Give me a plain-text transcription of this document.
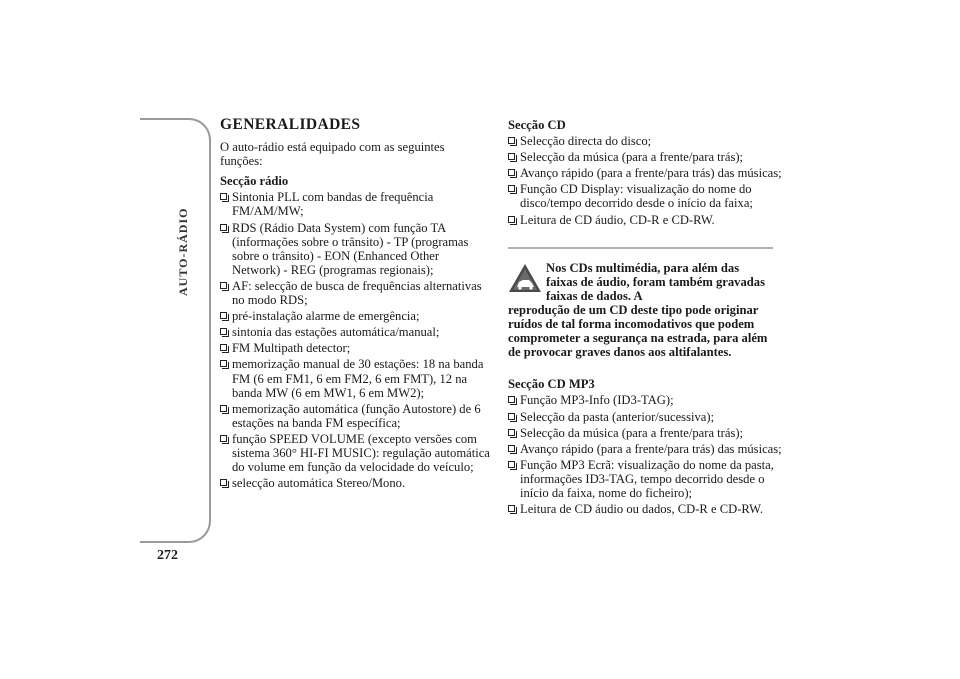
AUTO-RÁDIO
272
GENERALIDADES
O auto-rádio está equipado com as seguintes funções:
Secção rádio
Sintonia PLL com bandas de frequência FM/AM/MW;
RDS (Rádio Data System) com função TA (informações sobre o trânsito) - TP (programas sobre o trânsito) - EON (Enhanced Other Network) - REG (programas regionais);
AF: selecção de busca de frequências alternativas no modo RDS;
pré-instalação alarme de emergência;
sintonia das estações automática/manual;
FM Multipath detector;
memorização manual de 30 estações: 18 na banda FM (6 em FM1, 6 em FM2, 6 em FMT), 12 na banda MW (6 em MW1, 6 em MW2);
memorização automática (função Autostore) de 6 estações na banda FM específica;
função SPEED VOLUME (excepto versões com sistema 360° HI-FI MUSIC): regulação automática do volume em função da velocidade do veículo;
selecção automática Stereo/Mono.
Secção CD
Selecção directa do disco;
Selecção da música (para a frente/para trás);
Avanço rápido (para a frente/para trás) das músicas;
Função CD Display: visualização do nome do disco/tempo decorrido desde o início da faixa;
Leitura de CD áudio, CD-R e CD-RW.
Nos CDs multimédia, para além das faixas de áudio, foram também gravadas faixas de dados. A
reprodução de um CD deste tipo pode originar ruídos de tal forma incomodativos que podem comprometer a segurança na estrada, para além de provocar graves danos aos altifalantes.
Secção CD MP3
Função MP3-Info (ID3-TAG);
Selecção da pasta (anterior/sucessiva);
Selecção da música (para a frente/para trás);
Avanço rápido (para a frente/para trás) das músicas;
Função MP3 Ecrã: visualização do nome da pasta, informações ID3-TAG, tempo decorrido desde o início da faixa, nome do ficheiro);
Leitura de CD áudio ou dados, CD-R e CD-RW.
